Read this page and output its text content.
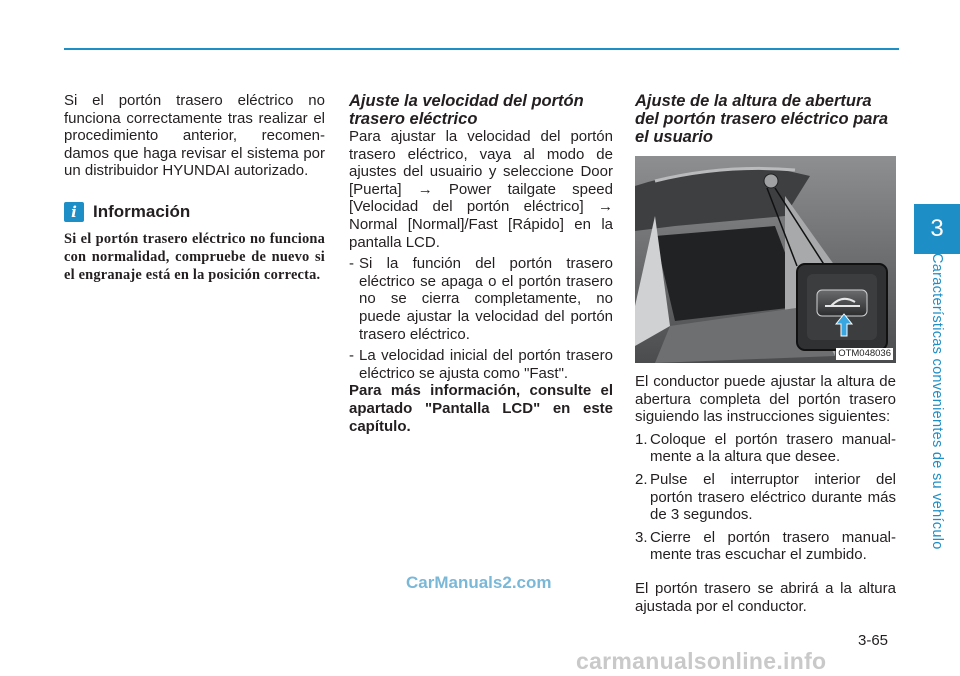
Si el portón trasero eléctrico no funciona correctamente tras realizar el procedimiento anterior, recomen-damos que haga revisar el sistema por un distribuidor HYUNDAI autorizado.

i Información

Si el portón trasero eléctrico no funciona con normalidad, compruebe de nuevo si el engranaje está en la posición correcta.

Ajuste la velocidad del portón trasero eléctrico

Para ajustar la velocidad del portón trasero eléctrico, vaya al modo de ajustes del usuairio y seleccione Door [Puerta] → Power tailgate speed [Velocidad del portón eléctrico] → Normal [Normal]/Fast [Rápido] en la pantalla LCD.

- Si la función del portón trasero eléctrico se apaga o el portón trasero no se cierra completamente, no puede ajustar la velocidad del portón trasero eléctrico.
- La velocidad inicial del portón trasero eléctrico se ajusta como "Fast".

Para más información, consulte el apartado "Pantalla LCD" en este capítulo.

Ajuste de la altura de abertura del portón trasero eléctrico para el usuario

OTM048036

El conductor puede ajustar la altura de abertura completa del portón trasero siguiendo las instrucciones siguientes:

1. Coloque el portón trasero manual-mente a la altura que desee.
2. Pulse el interruptor interior del portón trasero eléctrico durante más de 3 segundos.
3. Cierre el portón trasero manual-mente tras escuchar el zumbido.

El portón trasero se abrirá a la altura ajustada por el conductor.

3
Características convenientes de su vehículo
3-65
CarManuals2.com
carmanualsonline.info
